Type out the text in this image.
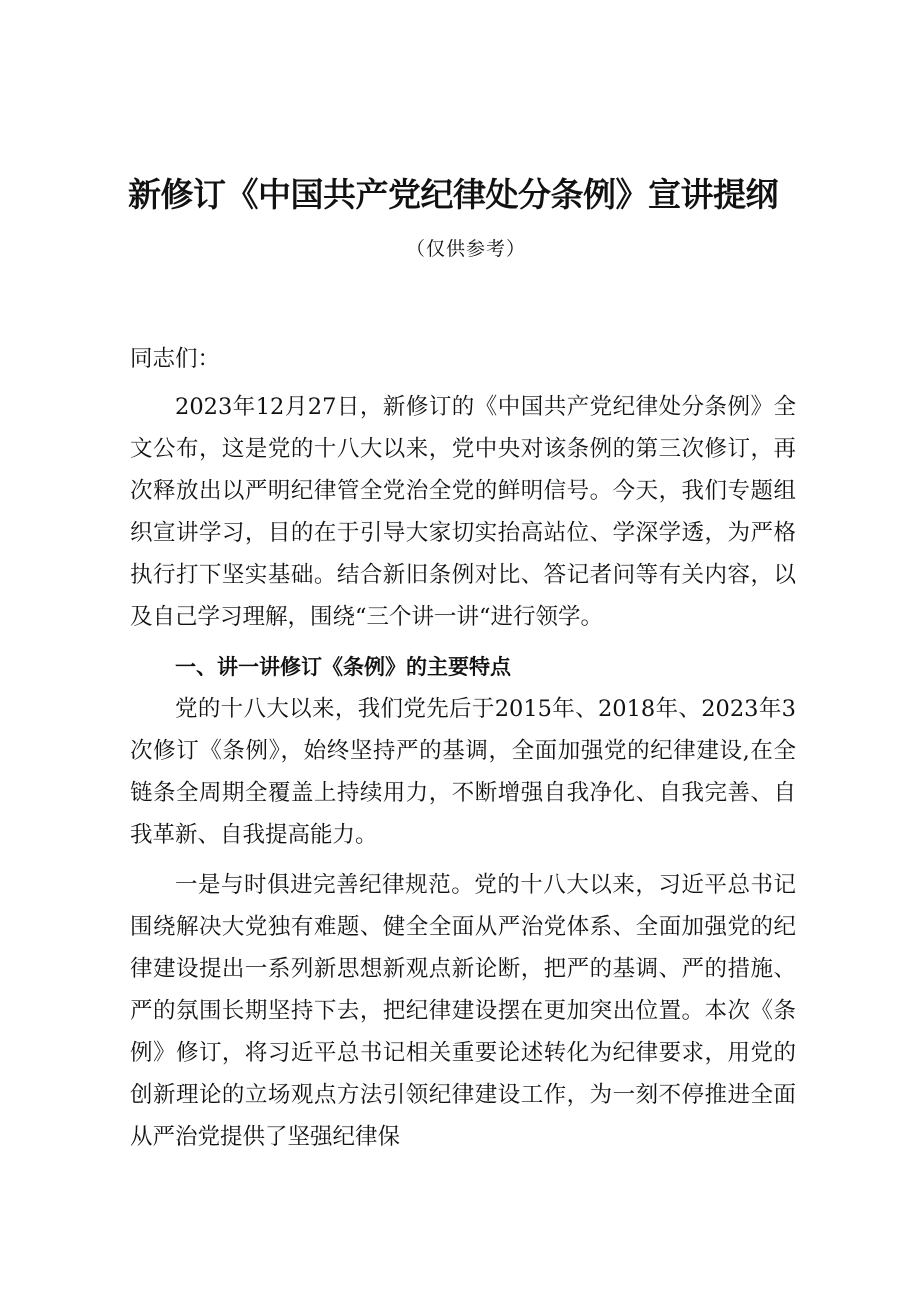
新修订《中国共产党纪律处分条例》宣讲提纲
（仅供参考）

同志们：

2023年12月27日，新修订的《中国共产党纪律处分条例》全文公布，这是党的十八大以来，党中央对该条例的第三次修订，再次释放出以严明纪律管全党治全党的鲜明信号。今天，我们专题组织宣讲学习，目的在于引导大家切实抬高站位、学深学透，为严格执行打下坚实基础。结合新旧条例对比、答记者问等有关内容，以及自己学习理解，围绕“三个讲一讲“进行领学。

一、讲一讲修订《条例》的主要特点

党的十八大以来，我们党先后于2015年、2018年、2023年3次修订《条例》，始终坚持严的基调，全面加强党的纪律建设,在全链条全周期全覆盖上持续用力，不断增强自我净化、自我完善、自我革新、自我提高能力。

一是与时俱进完善纪律规范。党的十八大以来，习近平总书记围绕解决大党独有难题、健全全面从严治党体系、全面加强党的纪律建设提出一系列新思想新观点新论断，把严的基调、严的措施、严的氛围长期坚持下去，把纪律建设摆在更加突出位置。本次《条例》修订，将习近平总书记相关重要论述转化为纪律要求，用党的创新理论的立场观点方法引领纪律建设工作，为一刻不停推进全面从严治党提供了坚强纪律保
